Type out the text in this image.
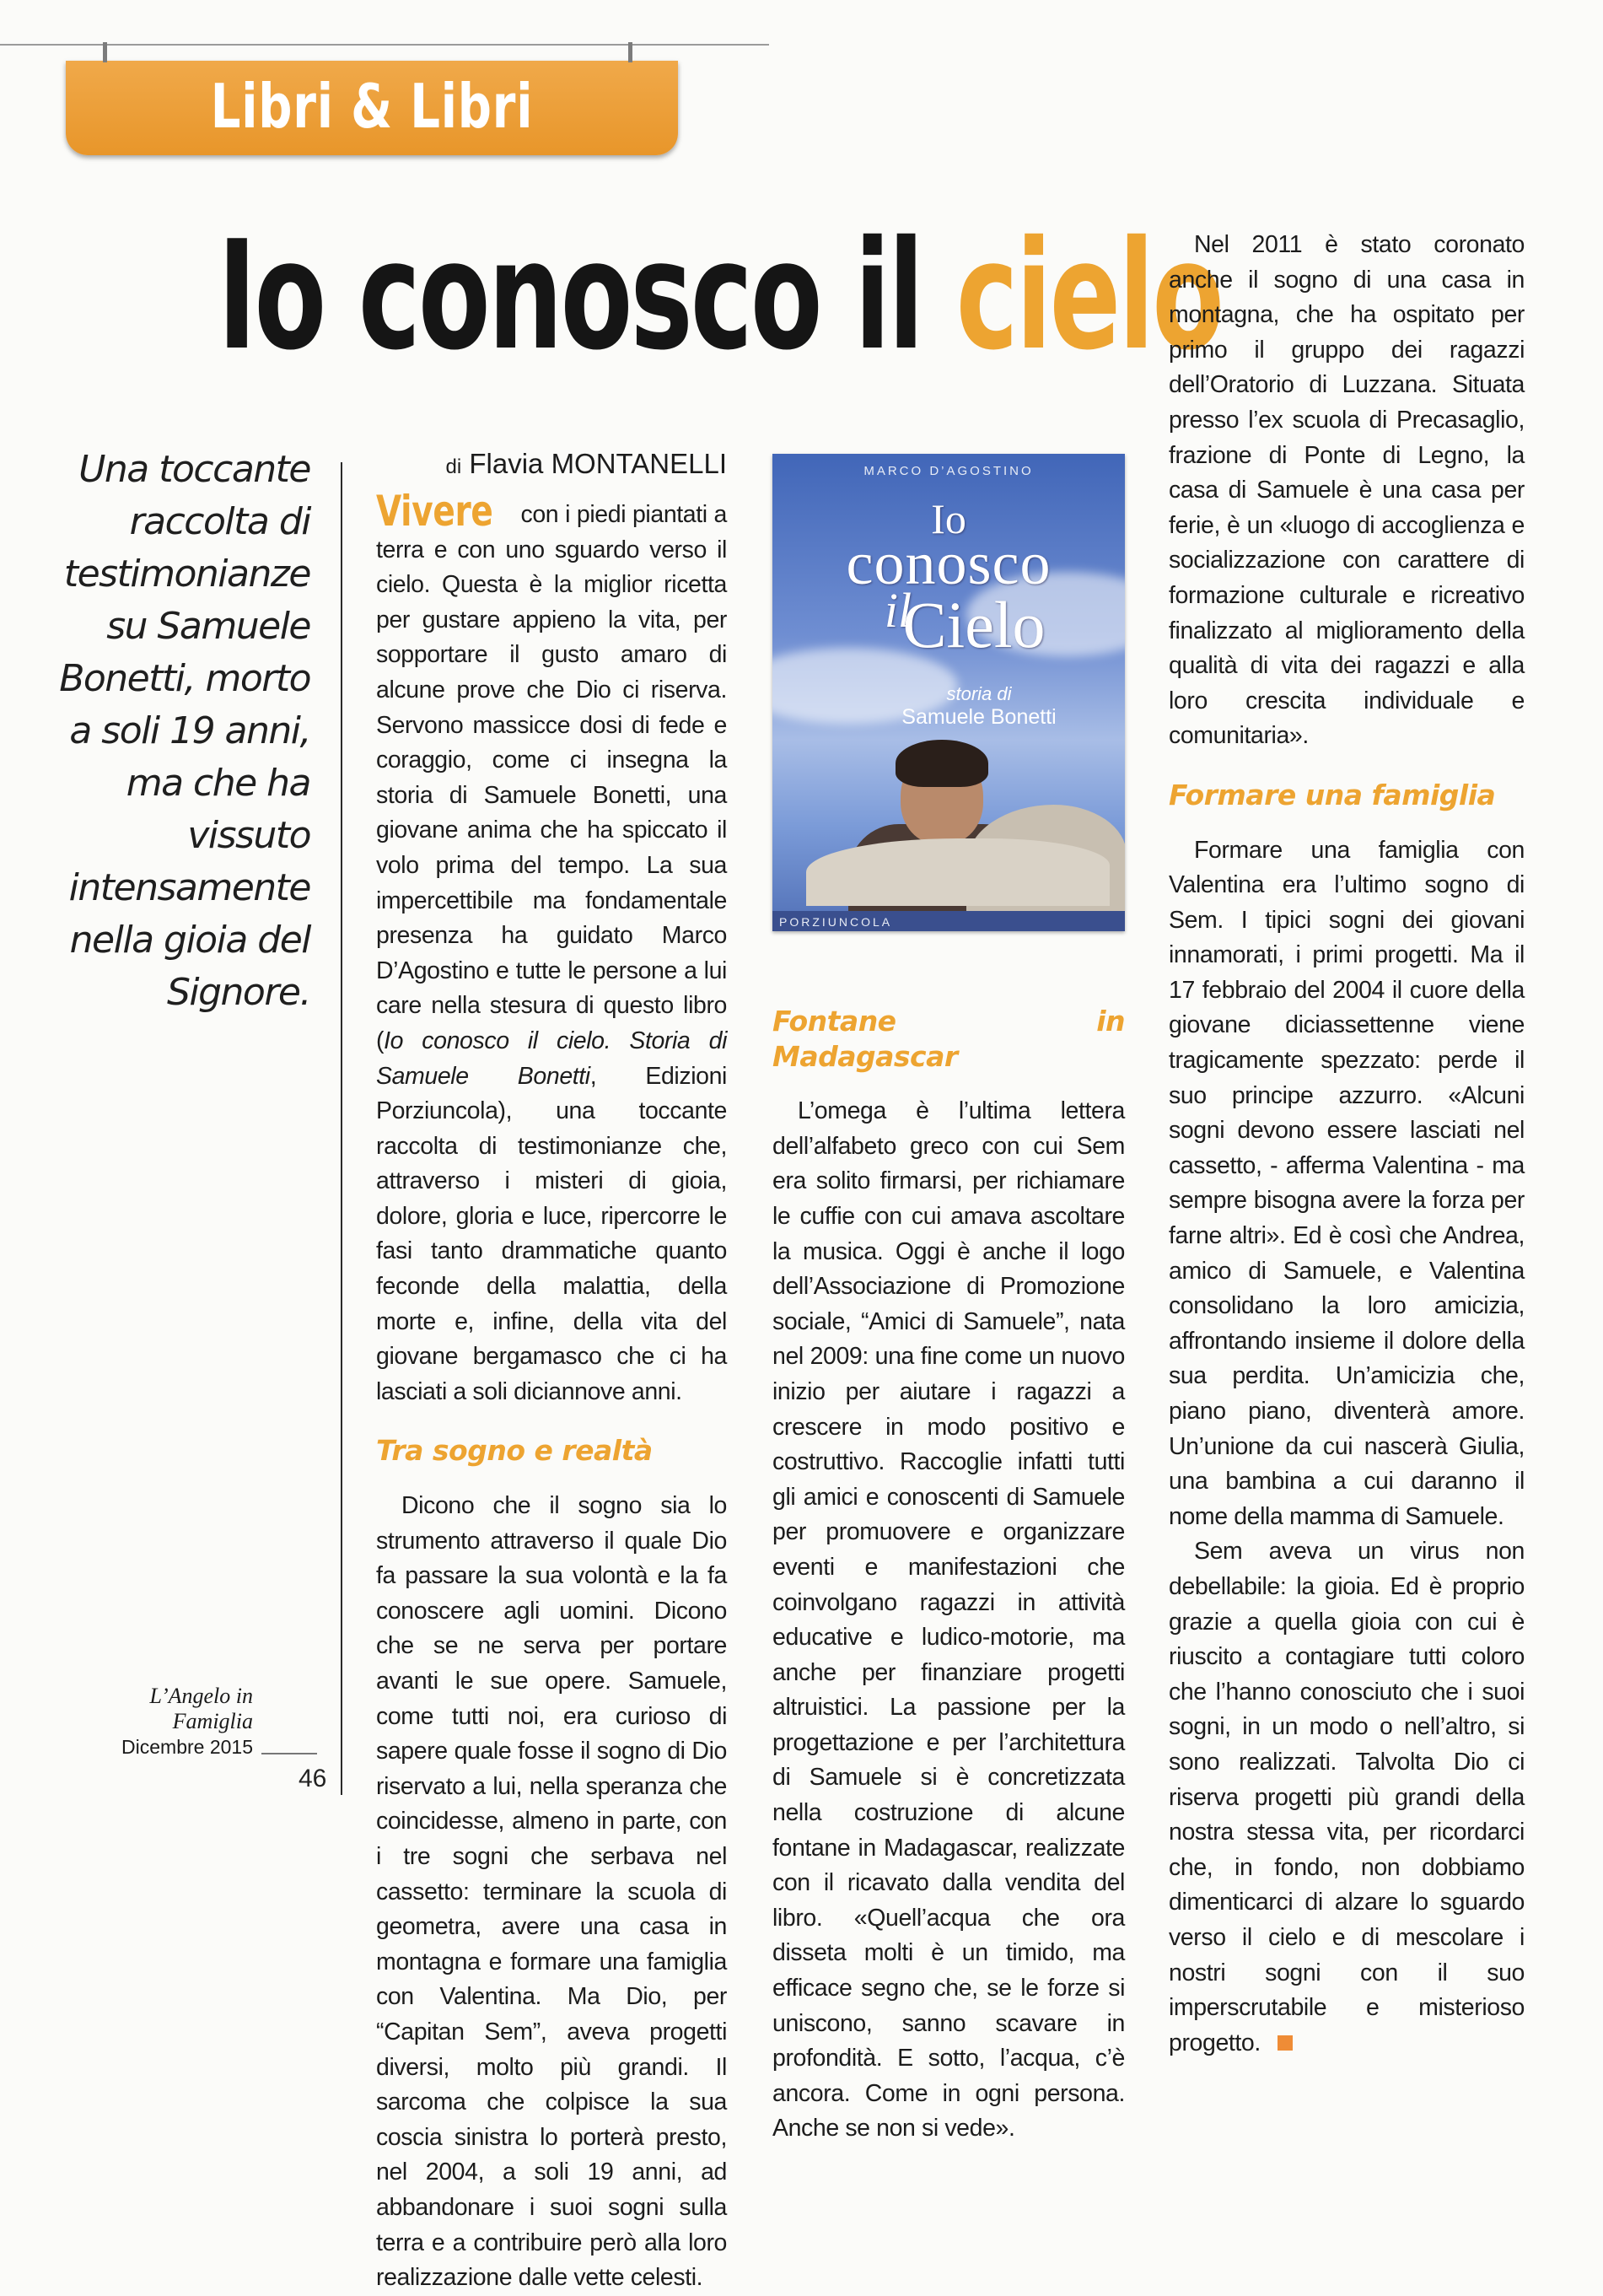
Libri & Libri
Io conosco il cielo
Una toccante raccolta di testimonianze su Samuele Bonetti, morto a soli 19 anni, ma che ha vissuto intensamente nella gioia del Signore.
L’Angelo in Famiglia
Dicembre 2015
46
di Flavia MONTANELLI

Vivere con i piedi piantati a terra e con uno sguardo verso il cielo. Questa è la miglior ricetta per gustare appieno la vita, per sopportare il gusto amaro di alcune prove che Dio ci riserva. Servono massicce dosi di fede e coraggio, come ci insegna la storia di Samuele Bonetti, una giovane anima che ha spiccato il volo prima del tempo. La sua impercettibile ma fondamentale presenza ha guidato Marco D’Agostino e tutte le persone a lui care nella stesura di questo libro (Io conosco il cielo. Storia di Samuele Bonetti, Edizioni Porziuncola), una toccante raccolta di testimonianze che, attraverso i misteri di gioia, dolore, gloria e luce, ripercorre le fasi tanto drammatiche quanto feconde della malattia, della morte e, infine, della vita del giovane bergamasco che ci ha lasciati a soli diciannove anni.

Tra sogno e realtà

Dicono che il sogno sia lo strumento attraverso il quale Dio fa passare la sua volontà e la fa conoscere agli uomini. Dicono che se ne serva per portare avanti le sue opere. Samuele, come tutti noi, era curioso di sapere quale fosse il sogno di Dio riservato a lui, nella speranza che coincidesse, almeno in parte, con i tre sogni che serbava nel cassetto: terminare la scuola di geometra, avere una casa in montagna e formare una famiglia con Valentina. Ma Dio, per “Capitan Sem”, aveva progetti diversi, molto più grandi. Il sarcoma che colpisce la sua coscia sinistra lo porterà presto, nel 2004, a soli 19 anni, ad abbandonare i suoi sogni sulla terra e a contribuire però alla loro realizzazione dalle vette celesti.

MARCO D’AGOSTINO
Io
conosco
il
Cielo
storia di
Samuele Bonetti
PORZIUNCOLA
Fontane in Madagascar

L’omega è l’ultima lettera dell’alfabeto greco con cui Sem era solito firmarsi, per richiamare le cuffie con cui amava ascoltare la musica. Oggi è anche il logo dell’Associazione di Promozione sociale, “Amici di Samuele”, nata nel 2009: una fine come un nuovo inizio per aiutare i ragazzi a crescere in modo positivo e costruttivo. Raccoglie infatti tutti gli amici e conoscenti di Samuele per promuovere e organizzare eventi e manifestazioni che coinvolgano ragazzi in attività educative e ludico-motorie, ma anche per finanziare progetti altruistici. La passione per la progettazione e per l’architettura di Samuele si è concretizzata nella costruzione di alcune fontane in Madagascar, realizzate con il ricavato dalla vendita del libro. «Quell’acqua che ora disseta molti è un timido, ma efficace segno che, se le forze si uniscono, sanno scavare in profondità. E sotto, l’acqua, c’è ancora. Come in ogni persona. Anche se non si vede».

Nel 2011 è stato coronato anche il sogno di una casa in montagna, che ha ospitato per primo il gruppo dei ragazzi dell’Oratorio di Luzzana. Situata presso l’ex scuola di Precasaglio, frazione di Ponte di Legno, la casa di Samuele è una casa per ferie, è un «luogo di accoglienza e socializzazione con carattere di formazione culturale e ricreativo finalizzato al miglioramento della qualità di vita dei ragazzi e alla loro crescita individuale e comunitaria».

Formare una famiglia

Formare una famiglia con Valentina era l’ultimo sogno di Sem. I tipici sogni dei giovani innamorati, i primi progetti. Ma il 17 febbraio del 2004 il cuore della giovane diciassettenne viene tragicamente spezzato: perde il suo principe azzurro. «Alcuni sogni devono essere lasciati nel cassetto, - afferma Valentina - ma sempre bisogna avere la forza per farne altri». Ed è così che Andrea, amico di Samuele, e Valentina consolidano la loro amicizia, affrontando insieme il dolore della sua perdita. Un’amicizia che, piano piano, diventerà amore. Un’unione da cui nascerà Giulia, una bambina a cui daranno il nome della mamma di Samuele.

Sem aveva un virus non debellabile: la gioia. Ed è proprio grazie a quella gioia con cui è riuscito a contagiare tutti coloro che l’hanno conosciuto che i suoi sogni, in un modo o nell’altro, si sono realizzati. Talvolta Dio ci riserva progetti più grandi della nostra stessa vita, per ricordarci che, in fondo, non dobbiamo dimenticarci di alzare lo sguardo verso il cielo e di mescolare i nostri sogni con il suo imperscrutabile e misterioso progetto.
